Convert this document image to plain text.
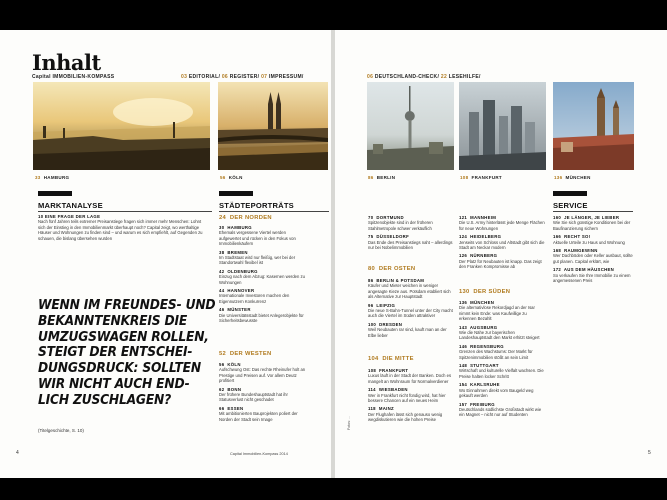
Inhalt
Capital IMMOBILIEN-KOMPASS	03 EDITORIAL/ 06 REGISTER/ 07 IMPRESSUM/
33 HAMBURG	56 KÖLN
MARKTANALYSE
10 EINE FRAGE DER LAGE
Nach fünf Jahren teils extremer Preisanstiege fragen sich immer mehr Menschen: Lohnt sich der Einstieg in den Immobilienmarkt überhaupt noch? Capital zeigt, wo werthaltige Häuser und Wohnungen zu finden sind – und warum es sich empfiehlt, auf Gegenden zu schauen, die bislang übersehen wurden
WENN IM FREUNDES- UND
BEKANNTENKREIS DIE
UMZUGSWAGEN ROLLEN,
STEIGT DER ENTSCHEI-
DUNGSDRUCK: SOLLTEN
WIR NICHT AUCH END-
LICH ZUSCHLAGEN?
(Titelgeschichte, S. 10)
STÄDTEPORTRÄTS
24 DER NORDEN
30 HAMBURG
Ehemals vergessene Viertel werden aufgewertet und rücken in den Fokus von Immobilienkäufern
38 BREMEN
Im Stadtstaat wird nur fleißig, wer bei der Standortwahl flexibel ist
42 OLDENBURG
Einzug nach dem Abzug: Kasernen werden zu Wohnungen
44 HANNOVER
Internationale Investoren machen den Eigennutzern Konkurrenz
46 MÜNSTER
Die Universitätsstadt bietet Anlegerobjekte für Sicherheitsbewusste
52 DER WESTEN
56 KÖLN
Aufschwung Ost: Das rechte Rheinufer holt an Prestige und Preisen auf. Vor allem Deutz profitiert
62 BONN
Der frühere Bundeshauptstadt hat ihr Statusverlust nicht geschadet
66 ESSEN
Mit ambitionierten Bauprojekten poliert der Norden der Stadt sein Image
4	Capital Immobilien-Kompass 2014
06 DEUTSCHLAND-CHECK/ 22 LESEHILFE/
86 BERLIN	108 FRANKFURT	136 MÜNCHEN
70 DORTMUND
Spitzenobjekte sind in der früheren Stahlmetropole schwer verkäuflich
75 DÜSSELDORF
Das Ende des Preisanstiegs naht – allerdings nur bei Nobelimmobilien
80 DER OSTEN
86 BERLIN & POTSDAM
Käufer und Mieter weichen in weniger angesagte Kieze aus. Potsdam etabliert sich als Alternative zur Hauptstadt
96 LEIPZIG
Die neue S-Bahn-Tunnel unter der City macht auch die Viertel im Süden attraktiver
100 DRESDEN
Weil Neubauten rar sind, kauft man an der Elbe lieber
104 DIE MITTE
108 FRANKFURT
Luxus läuft in der Stadt der Banken. Doch es mangelt an Wohnraum für Normalverdiener
114 WIESBADEN
Wer in Frankfurt nicht fündig wird, hat hier bessere Chancen auf ein neues Heim
118 MAINZ
Der Flughafen lässt sich genauso wenig wegdiskutieren wie die hohen Preise
121 MANNHEIM
Die U.S. Army hinterlässt jede Menge Flächen für neue Wohnungen
124 HEIDELBERG
Jenseits von Schloss und Altstadt gibt sich die Stadt am Neckar modern
126 NÜRNBERG
Der Platz für Neubauten ist knapp. Das zeigt den Franken Kompromisse ab
130 DER SÜDEN
136 MÜNCHEN
Die alternativlose Rekordjagd an der Isar nimmt kein Ende: was Kaufwillige zu erkennen Bezahlt
143 AUGSBURG
Wie die Nähe zur bayerischen Landeshauptstadt den Markt erhitzt steigert
146 REGENSBURG
Grenzen des Wachstums: Der Markt für Spitzenimmobilien stößt an sein Limit
148 STUTTGART
Wirtschaft und kulturelle Vielfalt wachsen. Die Preise halten locker Schritt
154 KARLSRUHE
Wo Einnahmen direkt vom Baugeld weg gekauft werden
157 FREIBURG
Deutschlands südlichste Großstadt wirkt wie ein Magnet – nicht nur auf Studenten
SERVICE
160 JE LÄNGER, JE LIEBER
Wie Sie sich günstige Konditionen bei der Baufinanzierung sichern
166 RECHT SO!
Aktuelle Urteile zu Haus und Wohnung
168 RAUMGEWINN
Wer Dachböden oder Keller ausbaut, sollte gut planen. Capital erklärt, wie
172 AUS DEM HÄUSCHEN
So verkaufen Sie Ihre Immobilie zu einem angemessenen Preis
Fotos: ...
5
